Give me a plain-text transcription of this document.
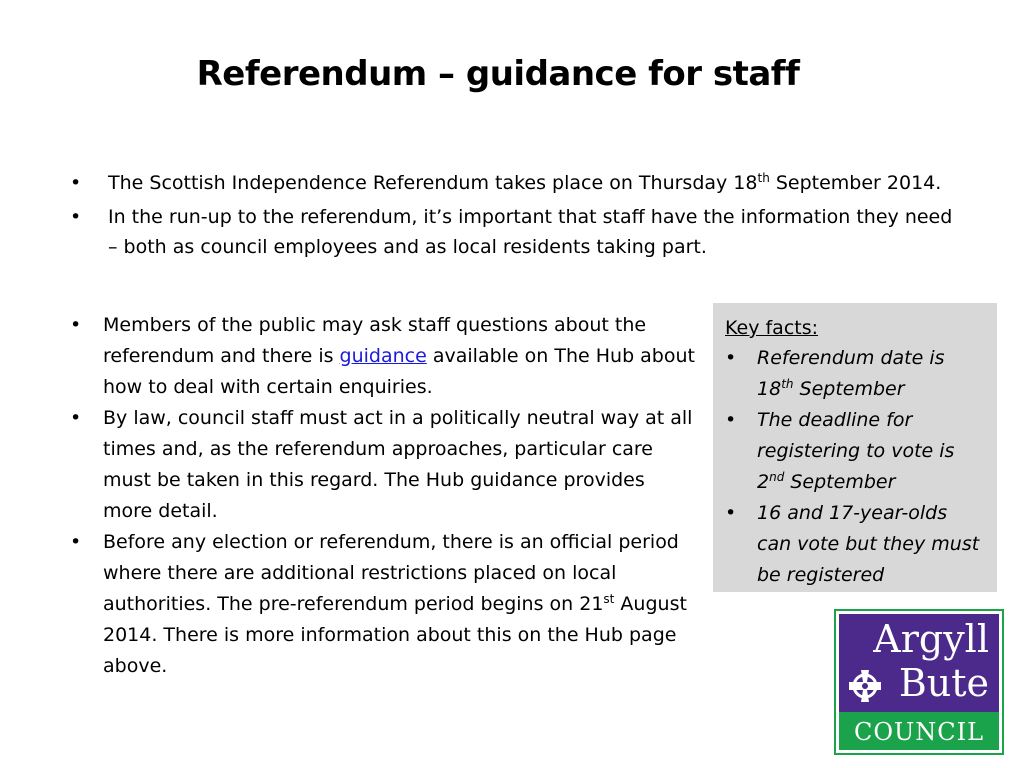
Referendum – guidance for staff
• The Scottish Independence Referendum takes place on Thursday 18th September 2014.
• In the run-up to the referendum, it’s important that staff have the information they need – both as council employees and as local residents taking part.
• Members of the public may ask staff questions about the referendum and there is guidance available on The Hub about how to deal with certain enquiries.
• By law, council staff must act in a politically neutral way at all times and, as the referendum approaches, particular care must be taken in this regard. The Hub guidance provides more detail.
• Before any election or referendum, there is an official period where there are additional restrictions placed on local authorities. The pre-referendum period begins on 21st August 2014. There is more information about this on the Hub page above.

Key facts:

• Referendum date is 18th September
• The deadline for registering to vote is 2nd September
• 16 and 17-year-olds can vote but they must be registered
Argyll
Bute
COUNCIL
